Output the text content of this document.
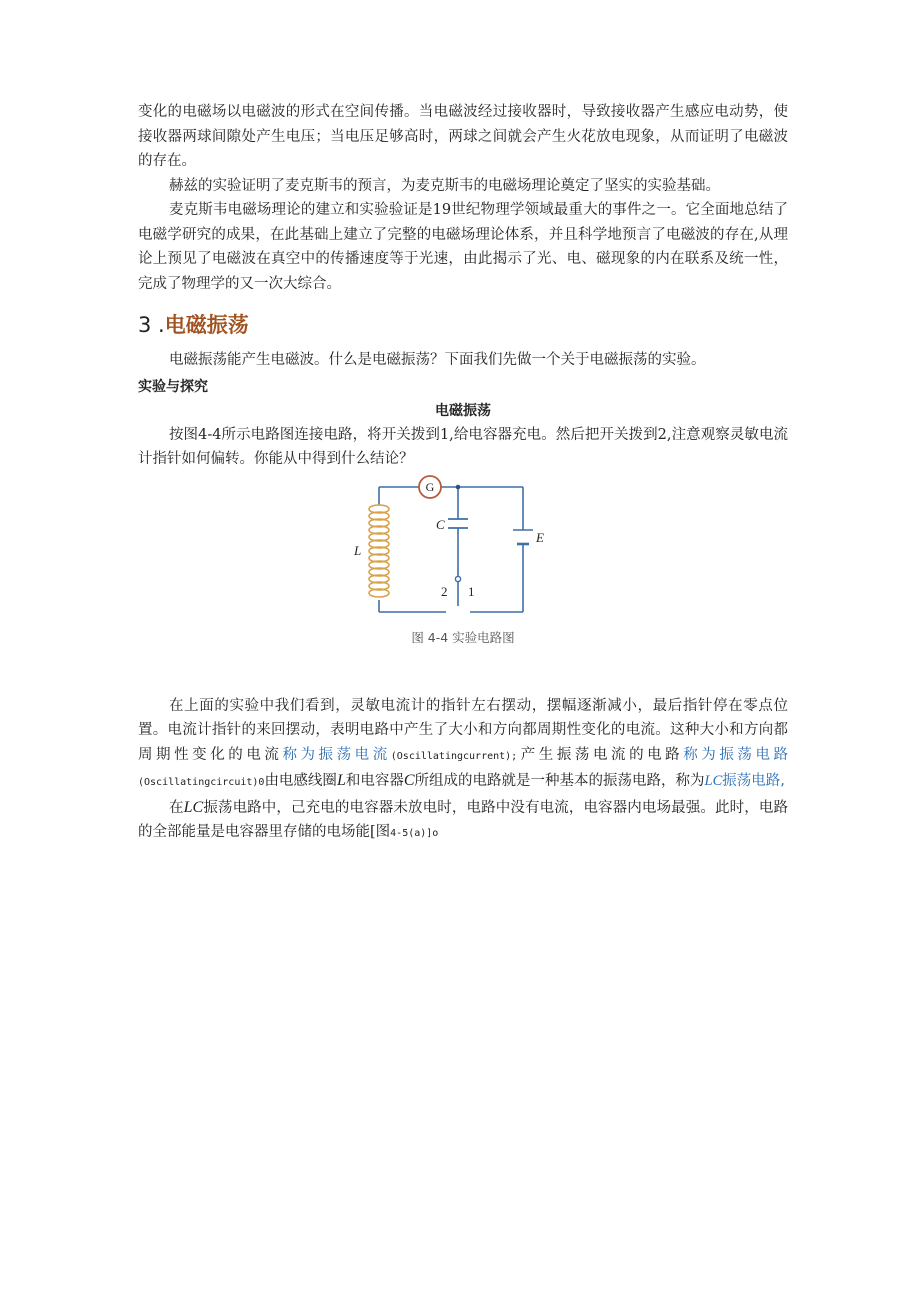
变化的电磁场以电磁波的形式在空间传播。当电磁波经过接收器时，导致接收器产生感应电动势，使接收器两球间隙处产生电压；当电压足够高时，两球之间就会产生火花放电现象，从而证明了电磁波的存在。

赫兹的实验证明了麦克斯韦的预言，为麦克斯韦的电磁场理论奠定了坚实的实验基础。

麦克斯韦电磁场理论的建立和实验验证是19世纪物理学领域最重大的事件之一。它全面地总结了电磁学研究的成果，在此基础上建立了完整的电磁场理论体系，并且科学地预言了电磁波的存在,从理论上预见了电磁波在真空中的传播速度等于光速，由此揭示了光、电、磁现象的内在联系及统一性，完成了物理学的又一次大综合。

3 .电磁振荡

电磁振荡能产生电磁波。什么是电磁振荡？下面我们先做一个关于电磁振荡的实验。

实验与探究
电磁振荡

按图4-4所示电路图连接电路，将开关拨到1,给电容器充电。然后把开关拨到2,注意观察灵敏电流计指针如何偏转。你能从中得到什么结论？

G
L
C
E
2 1
图 4-4 实验电路图

在上面的实验中我们看到，灵敏电流计的指针左右摆动，摆幅逐渐减小，最后指针停在零点位置。电流计指针的来回摆动，表明电路中产生了大小和方向都周期性变化的电流。这种大小和方向都周期性变化的电流称为振荡电流(Oscillatingcurrent);产生振荡电流的电路称为振荡电路(Oscillatingcircuit)0由电感线圈L和电容器C所组成的电路就是一种基本的振荡电路，称为LC振荡电路,

在LC振荡电路中，己充电的电容器未放电时，电路中没有电流，电容器内电场最强。此时，电路的全部能量是电容器里存储的电场能[图4-5(a)]o
